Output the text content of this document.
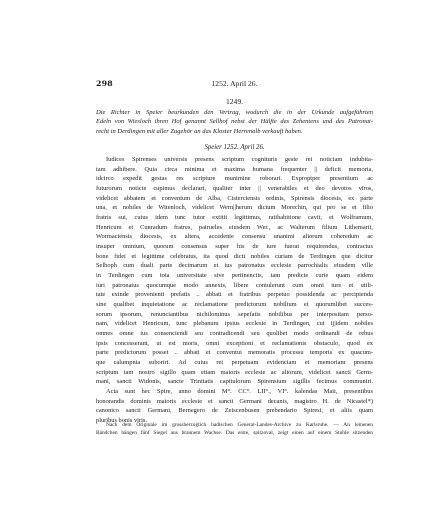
298	1252. April 26.
1249.
Die Richter in Speier beurkunden den Vertrag, wodurch die in der Urkunde aufgeführten
Edeln von Wiesloch ihren Hof genannt Sellhof nebst der Hälfte des Zehentens und des Patronat-
recht in Derdingen mit aller Zugehör an das Kloster Herrenalb verkauft haben.
Speier 1252. April 26.
Iudices Spirenses universis presens scriptum cognituris geste rei noticiam indubita-
tam adhibere. Quia circa minima et maxima humana frequenter || deficit memoria,
idcirco expedit gestas res scripture munimine roborari. Exproptper presentium ac
futurorum noticie cupimus declarari, qualiter inter || venerabiles et deo devotos viros,
videlicet abbatem et conventum de Alba, Cisterciensis ordinis, Spirensis diocesis, ex parte
una, et nobiles de Witenloch, videlicet Wern||herum dictum Morechin, qui pro se et filio
fratris sui, cuius idem tunc tutor extitit legittimus, ratihabitione cavit, et Wolframum,
Henricum et Cunradum fratres, patrueles eiusdem Wer., ac Walterum filium Lithemarii,
Wormaciensis diocesis, ex altera, accedente consensu unanimi aliorum coheredum ac
insuper omnium, quorum consensus super his de iure fuerat requirendus, contractus
bone fidei et legittime celebratus, ita quod dicti nobiles curiam de Terdingen que dicitur
Selhoph cum duali parte decimarum et ius patronatus ecclesie parrochialis eiusdem ville
in Terdingen cum tota universitate sive pertinenciis, tam predicte curie quam eidem
iuri patronatus quocumque modo annexis, libere contulerunt cum omni iure et utili-
tate exinde provenienti prefatis .. abbati et fratribus perpetuo possidenda ac percipienda
sine qualibet inquietatione ac reclamatione predictorum nobilium et quorumlibet succes-
sorum ipsorum, renunciantibus nichilominus sepefatis nobilibus per interpositam perso-
nam, videlicet Henricum, tunc plebanum ipsius ecclesie in Terdingen, cui ij|idem nobiles
omnes omne ius consenciendi seu contradicendi seu quolibet modo ordinandi de rebus
ipsis concesserant, ut est moris, omni exceptioni et reclamationis obstaculo, quod ex
parte predictorum posset .. abbati et conventui memoratis processu temporis ex quacum-
que calumpnia suboriri. Ad cuius rei perpetuam evidenciam et memoriam presens
scriptum tam nostro sigillo quam etiam maioris ecclesie ac aliorum, videlicet sancti Germ-
mani, sancti Widonis, sancte Trinitatis capitulorum Spirensium sigillis fecimus communiri.
Acta sunt hec Spire, anno domini M°. CC°. LII°., VI°. kalendas Maii, presentibus
honorandis dominis maioris ecclesie et sancti Germani decanis, magistro H. de Nicastel*)
canonico sancti Germani, Bernegero de Zeiscenbusen prebendario Spiresi, et aliis quam
pluribus bonis viris.
Nach dem Originale im grossherzoglich badischen General-Landes-Archive zu Karlsruhe. — An leinenen
Bändchen hängen fünf Siegel aus braunem Wachse. Das erste, spitzoval, zeigt einen auf einem Stuhle sitzenden
